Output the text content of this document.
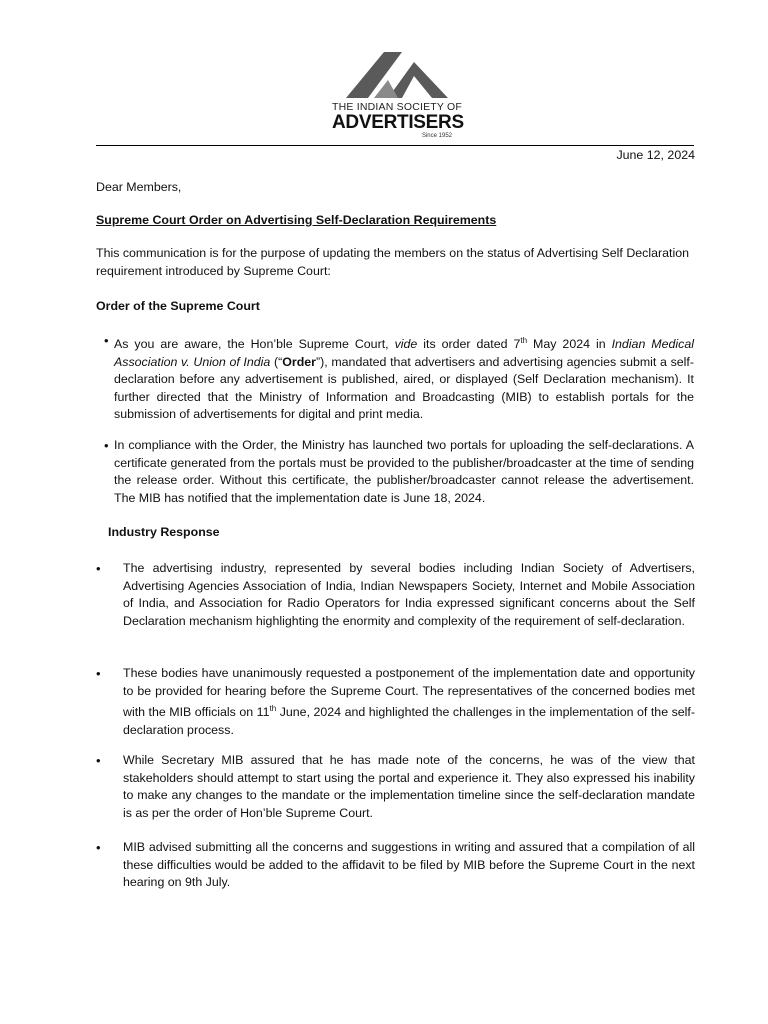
THE INDIAN SOCIETY OF
ADVERTISERS
Since 1952
June 12, 2024
Dear Members,
Supreme Court Order on Advertising Self-Declaration Requirements
This communication is for the purpose of updating the members on the status of Advertising Self Declaration requirement introduced by Supreme Court:
Order of the Supreme Court
• As you are aware, the Hon’ble Supreme Court, vide its order dated 7th May 2024 in Indian Medical Association v. Union of India (“Order”), mandated that advertisers and advertising agencies submit a self-declaration before any advertisement is published, aired, or displayed (Self Declaration mechanism). It further directed that the Ministry of Information and Broadcasting (MIB) to establish portals for the submission of advertisements for digital and print media.
• In compliance with the Order, the Ministry has launched two portals for uploading the self-declarations. A certificate generated from the portals must be provided to the publisher/broadcaster at the time of sending the release order. Without this certificate, the publisher/broadcaster cannot release the advertisement. The MIB has notified that the implementation date is June 18, 2024.
Industry Response
• The advertising industry, represented by several bodies including Indian Society of Advertisers, Advertising Agencies Association of India, Indian Newspapers Society, Internet and Mobile Association of India, and Association for Radio Operators for India expressed significant concerns about the Self Declaration mechanism highlighting the enormity and complexity of the requirement of self-declaration.
• These bodies have unanimously requested a postponement of the implementation date and opportunity to be provided for hearing before the Supreme Court. The representatives of the concerned bodies met with the MIB officials on 11th June, 2024 and highlighted the challenges in the implementation of the self-declaration process.
• While Secretary MIB assured that he has made note of the concerns, he was of the view that stakeholders should attempt to start using the portal and experience it. They also expressed his inability to make any changes to the mandate or the implementation timeline since the self-declaration mandate is as per the order of Hon’ble Supreme Court.
• MIB advised submitting all the concerns and suggestions in writing and assured that a compilation of all these difficulties would be added to the affidavit to be filed by MIB before the Supreme Court in the next hearing on 9th July.
